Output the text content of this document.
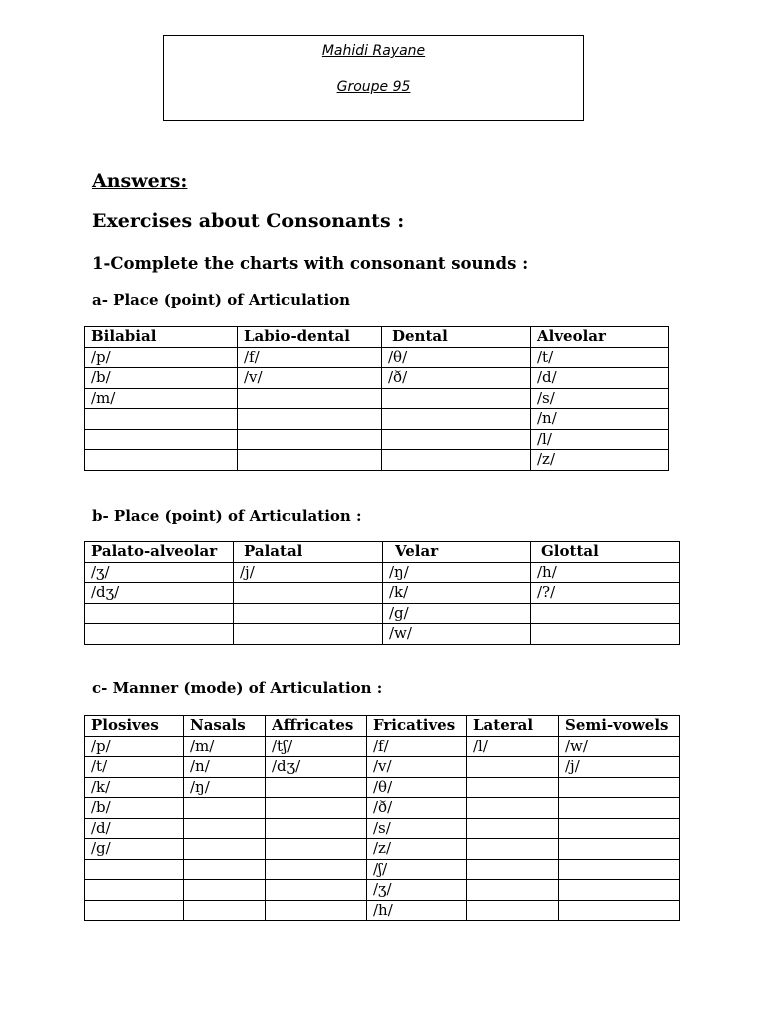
Mahidi Rayane
Groupe 95
Answers:
Exercises about Consonants :
1-Complete the charts with consonant sounds :
a- Place (point) of Articulation
Bilabial	Labio-dental	Dental	Alveolar
/p/	/f/	/θ/	/t/
/b/	/v/	/ð/	/d/
/m/			/s/
			/n/
			/l/
			/z/
b- Place (point) of Articulation :
Palato-alveolar	Palatal	Velar	Glottal
/ʒ/	/j/	/ŋ/	/h/
/dʒ/		/k/	/?/
		/g/	
		/w/	
c- Manner (mode) of Articulation :
Plosives	Nasals	Affricates	Fricatives	Lateral	Semi-vowels
/p/	/m/	/tʃ/	/f/	/l/	/w/
/t/	/n/	/dʒ/	/v/		/j/
/k/	/ŋ/		/θ/		
/b/			/ð/		
/d/			/s/		
/g/			/z/		
			/ʃ/		
			/ʒ/		
			/h/		
